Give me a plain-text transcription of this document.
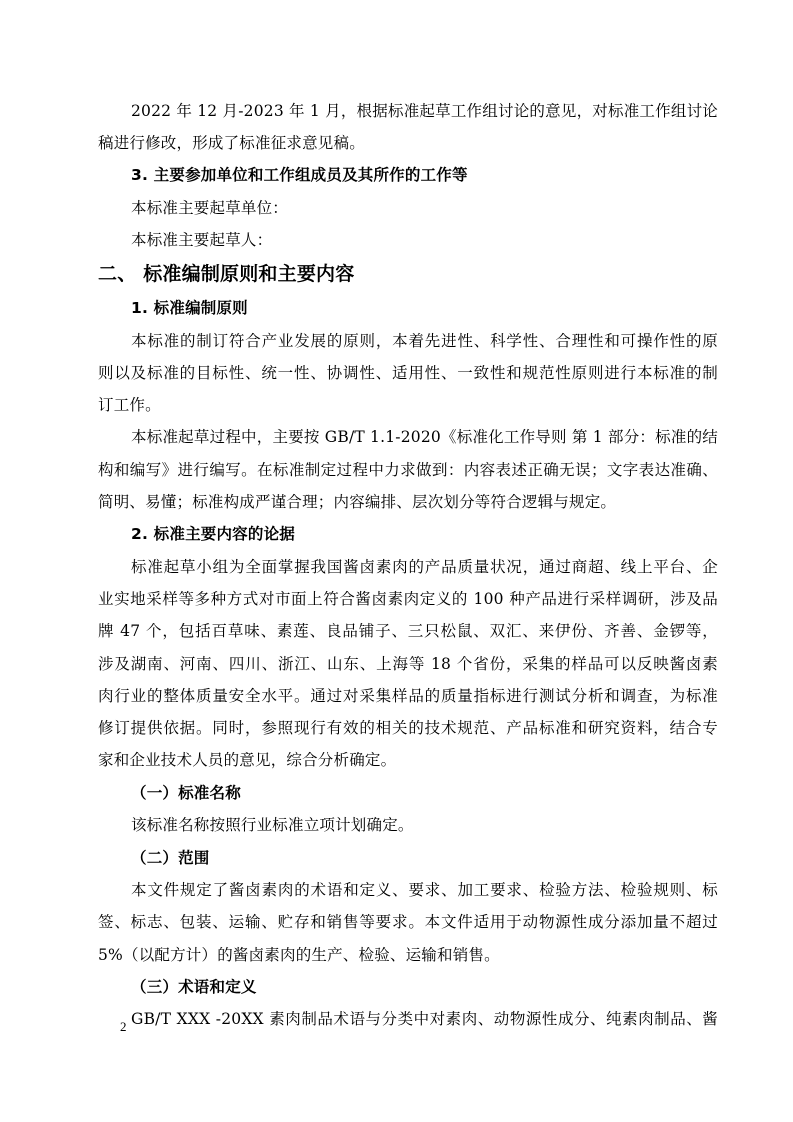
2022 年 12 月-2023 年 1 月，根据标准起草工作组讨论的意见，对标准工作组讨论
稿进行修改，形成了标准征求意见稿。
3. 主要参加单位和工作组成员及其所作的工作等
本标准主要起草单位：
本标准主要起草人：
二、 标准编制原则和主要内容
1. 标准编制原则
本标准的制订符合产业发展的原则，本着先进性、科学性、合理性和可操作性的原
则以及标准的目标性、统一性、协调性、适用性、一致性和规范性原则进行本标准的制
订工作。
本标准起草过程中，主要按 GB/T 1.1-2020《标准化工作导则 第 1 部分：标准的结
构和编写》进行编写。在标准制定过程中力求做到：内容表述正确无误；文字表达准确、
简明、易懂；标准构成严谨合理；内容编排、层次划分等符合逻辑与规定。
2. 标准主要内容的论据
标准起草小组为全面掌握我国酱卤素肉的产品质量状况，通过商超、线上平台、企
业实地采样等多种方式对市面上符合酱卤素肉定义的 100 种产品进行采样调研，涉及品
牌 47 个，包括百草味、素莲、良品铺子、三只松鼠、双汇、来伊份、齐善、金锣等，
涉及湖南、河南、四川、浙江、山东、上海等 18 个省份，采集的样品可以反映酱卤素
肉行业的整体质量安全水平。通过对采集样品的质量指标进行测试分析和调查，为标准
修订提供依据。同时，参照现行有效的相关的技术规范、产品标准和研究资料，结合专
家和企业技术人员的意见，综合分析确定。
（一）标准名称
该标准名称按照行业标准立项计划确定。
（二）范围
本文件规定了酱卤素肉的术语和定义、要求、加工要求、检验方法、检验规则、标
签、标志、包装、运输、贮存和销售等要求。本文件适用于动物源性成分添加量不超过
5%（以配方计）的酱卤素肉的生产、检验、运输和销售。
（三）术语和定义
GB/T XXX -20XX 素肉制品术语与分类中对素肉、动物源性成分、纯素肉制品、酱
2
